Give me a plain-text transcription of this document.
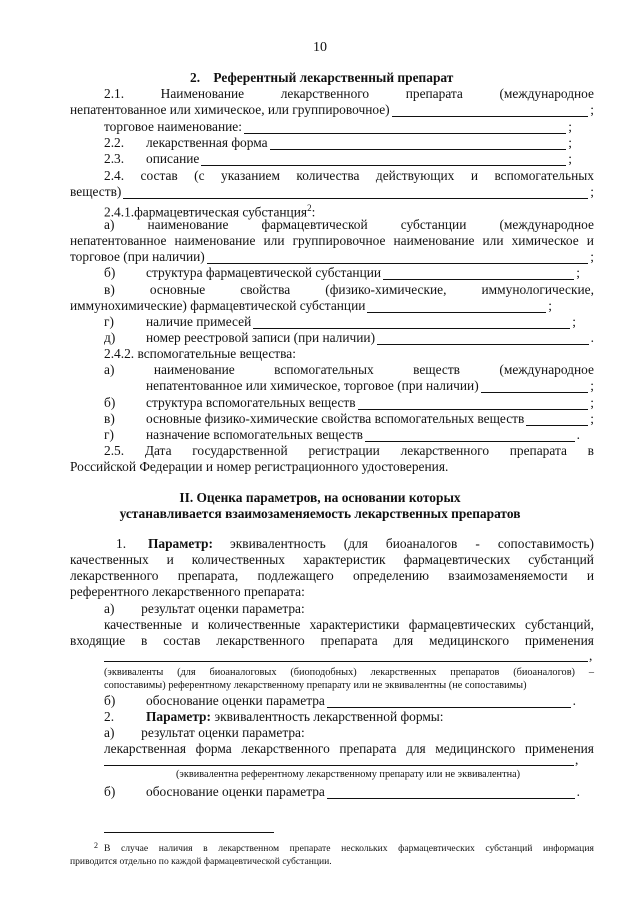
10
2. Референтный лекарственный препарат
2.1.	Наименование	лекарственного	препарата	(международное
непатентованное или химическое, или группировочное)	;
торговое наименование:	;
2.2.	лекарственная форма	;
2.3.	описание	;
2.4. состав (с указанием количества действующих и вспомогательных
веществ)	;
2.4.1.фармацевтическая субстанция$^2$:
а) наименование фармацевтической субстанции (международное
непатентованное наименование или группировочное наименование или химическое и
торговое (при наличии)	;
б)	структура фармацевтической субстанции	;
в)	основные	свойства	(физико-химические,	иммунологические,
иммунохимические) фармацевтической субстанции	;
г)	наличие примесей	;
д)	номер реестровой записи (при наличии)	.
2.4.2. вспомогательные вещества:
а)	наименование	вспомогательных	веществ	(международное
непатентованное или химическое, торговое (при наличии)	;
б)	структура вспомогательных веществ	;
в)	основные физико-химические свойства вспомогательных веществ	;
г)	назначение вспомогательных веществ	.
2.5. Дата государственной регистрации лекарственного препарата в
Российской Федерации и номер регистрационного удостоверения.
II. Оценка параметров, на основании которых
устанавливается взаимозаменяемость лекарственных препаратов
1. Параметр: эквивалентность (для биоаналогов - сопоставимость)
качественных и количественных характеристик фармацевтических субстанций
лекарственного препарата, подлежащего определению взаимозаменяемости и
референтного лекарственного препарата:
а)  результат оценки параметра:
качественные и количественные характеристики фармацевтических субстанций,
входящие в состав лекарственного препарата для медицинского применения
,
(эквиваленты (для биоаналоговых (биоподобных) лекарственных препаратов (биоаналогов) –
сопоставимы) референтному лекарственному препарату или не эквивалентны (не сопоставимы)
б)	обоснование оценки параметра	.
2. Параметр: эквивалентность лекарственной формы:
а)  результат оценки параметра:
лекарственная форма лекарственного препарата для медицинского применения
,
(эквивалентна референтному лекарственному препарату или не эквивалентна)
б)	обоснование оценки параметра	.
2 В случае наличия в лекарственном препарате нескольких фармацевтических субстанций информация
приводится отдельно по каждой фармацевтической субстанции.
